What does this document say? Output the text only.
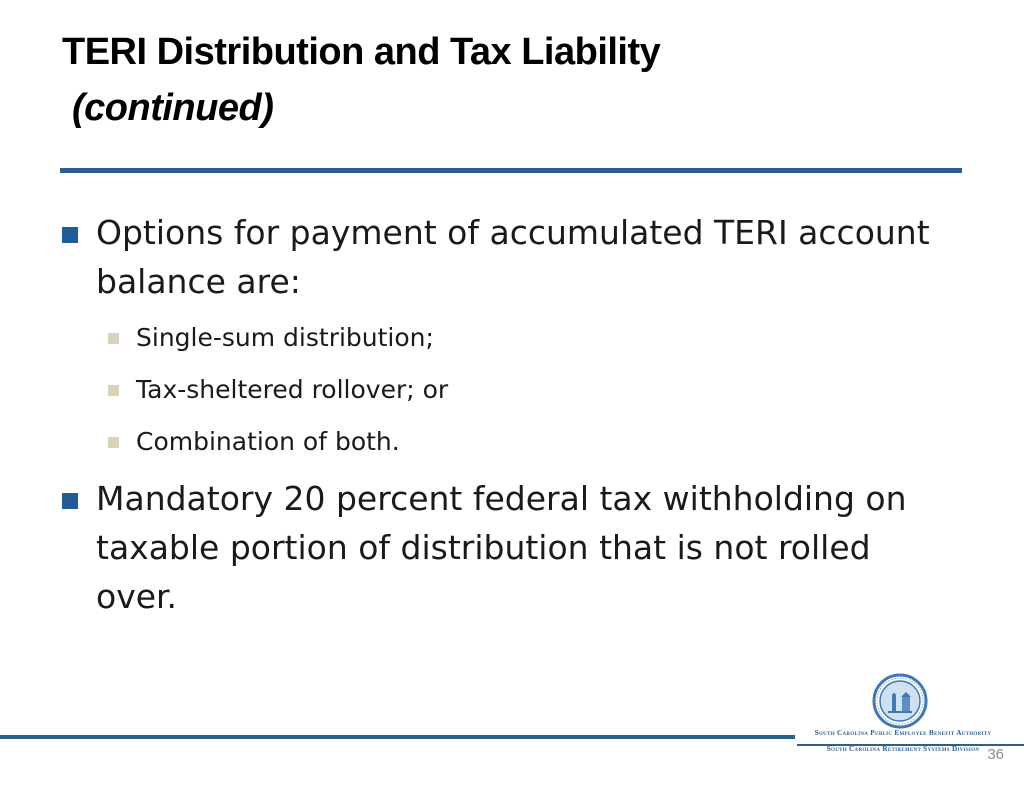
TERI Distribution and Tax Liability
(continued)
Options for payment of accumulated TERI account balance are:
Single-sum distribution;
Tax-sheltered rollover; or
Combination of both.
Mandatory 20 percent federal tax withholding on taxable portion of distribution that is not rolled over.
South Carolina Public Employee Benefit Authority
South Carolina Retirement Systems Division 36
